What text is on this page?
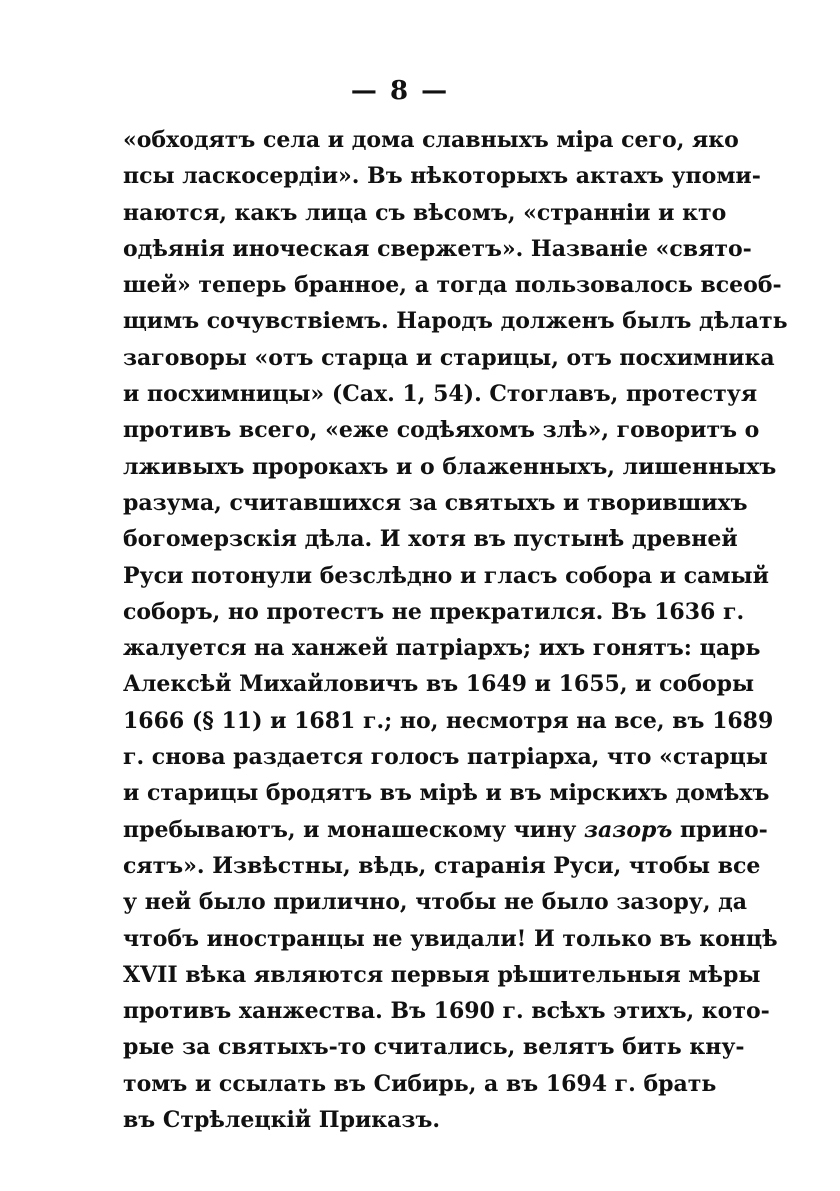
— 8 —
«обходятъ села и дома славныхъ міра сего, яко
псы ласкосердіи». Въ нѣкоторыхъ актахъ упоми-
наются, какъ лица съ вѣсомъ, «странніи и кто
одѣянія иноческая свержетъ». Названіе «свято-
шей» теперь бранное, а тогда пользовалось всеоб-
щимъ сочувствіемъ. Народъ долженъ былъ дѣлать
заговоры «отъ старца и старицы, отъ посхимника
и посхимницы» (Сах. 1, 54). Стоглавъ, протестуя
противъ всего, «еже содѣяхомъ злѣ», говоритъ о
лживыхъ пророкахъ и о блаженныхъ, лишенныхъ
разума, считавшихся за святыхъ и творившихъ
богомерзскія дѣла. И хотя въ пустынѣ древней
Руси потонули безслѣдно и гласъ собора и самый
соборъ, но протестъ не прекратился. Въ 1636 г.
жалуется на ханжей патріархъ; ихъ гонятъ: царь
Алексѣй Михайловичъ въ 1649 и 1655, и соборы
1666 (§ 11) и 1681 г.; но, несмотря на все, въ 1689
г. снова раздается голосъ патріарха, что «старцы
и старицы бродятъ въ мірѣ и въ мірскихъ домѣхъ
пребываютъ, и монашескому чину зазоръ прино-
сятъ». Извѣстны, вѣдь, старанія Руси, чтобы все
у ней было прилично, чтобы не было зазору, да
чтобъ иностранцы не увидали! И только въ концѣ
XVII вѣка являются первыя рѣшительныя мѣры
противъ ханжества. Въ 1690 г. всѣхъ этихъ, кото-
рые за святыхъ-то считались, велятъ бить кну-
томъ и ссылать въ Сибирь, а въ 1694 г. брать
въ Стрѣлецкій Приказъ.
